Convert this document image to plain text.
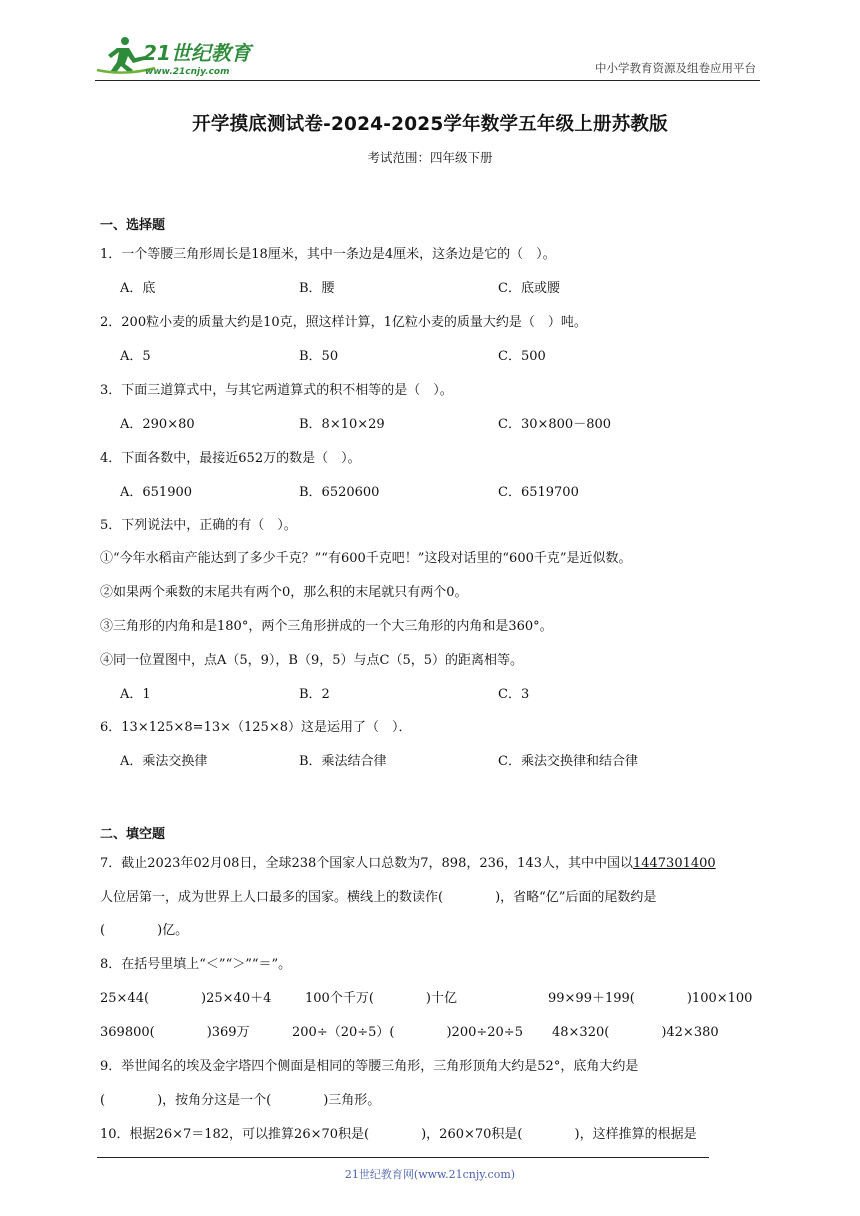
21世纪教育
www.21cnjy.com	中小学教育资源及组卷应用平台
开学摸底测试卷-2024-2025学年数学五年级上册苏教版
考试范围：四年级下册
一、选择题
1．一个等腰三角形周长是18厘米，其中一条边是4厘米，这条边是它的（　）。
A．底	B．腰	C．底或腰
2．200粒小麦的质量大约是10克，照这样计算，1亿粒小麦的质量大约是（　）吨。
A．5	B．50	C．500
3．下面三道算式中，与其它两道算式的积不相等的是（　）。
A．290×80	B．8×10×29	C．30×800－800
4．下面各数中，最接近652万的数是（　）。
A．651900	B．6520600	C．6519700
5．下列说法中，正确的有（　）。
①“今年水稻亩产能达到了多少千克？”“有600千克吧！”这段对话里的“600千克”是近似数。
②如果两个乘数的末尾共有两个0，那么积的末尾就只有两个0。
③三角形的内角和是180°，两个三角形拼成的一个大三角形的内角和是360°。
④同一位置图中，点A（5，9），B（9，5）与点C（5，5）的距离相等。
A．1	B．2	C．3
6．13×125×8=13×（125×8）这是运用了（　）．
A．乘法交换律	B．乘法结合律	C．乘法交换律和结合律
二、填空题
7．截止2023年02月08日，全球238个国家人口总数为7，898，236，143人，其中中国以1447301400
人位居第一，成为世界上人口最多的国家。横线上的数读作(　　　　)，省略“亿”后面的尾数约是
(　　　　)亿。
8．在括号里填上“＜”“＞”“＝”。
25×44(　　　　)25×40＋4	100个千万(　　　　)十亿	99×99＋199(　　　　)100×100
369800(　　　　)369万	200÷（20÷5）(　　　　)200÷20÷5 48×320(　　　　)42×380
9．举世闻名的埃及金字塔四个侧面是相同的等腰三角形，三角形顶角大约是52°，底角大约是
(　　　　)，按角分这是一个(　　　　)三角形。
10．根据26×7＝182，可以推算26×70积是(　　　　)，260×70积是(　　　　)，这样推算的根据是
21世纪教育网(www.21cnjy.com)
